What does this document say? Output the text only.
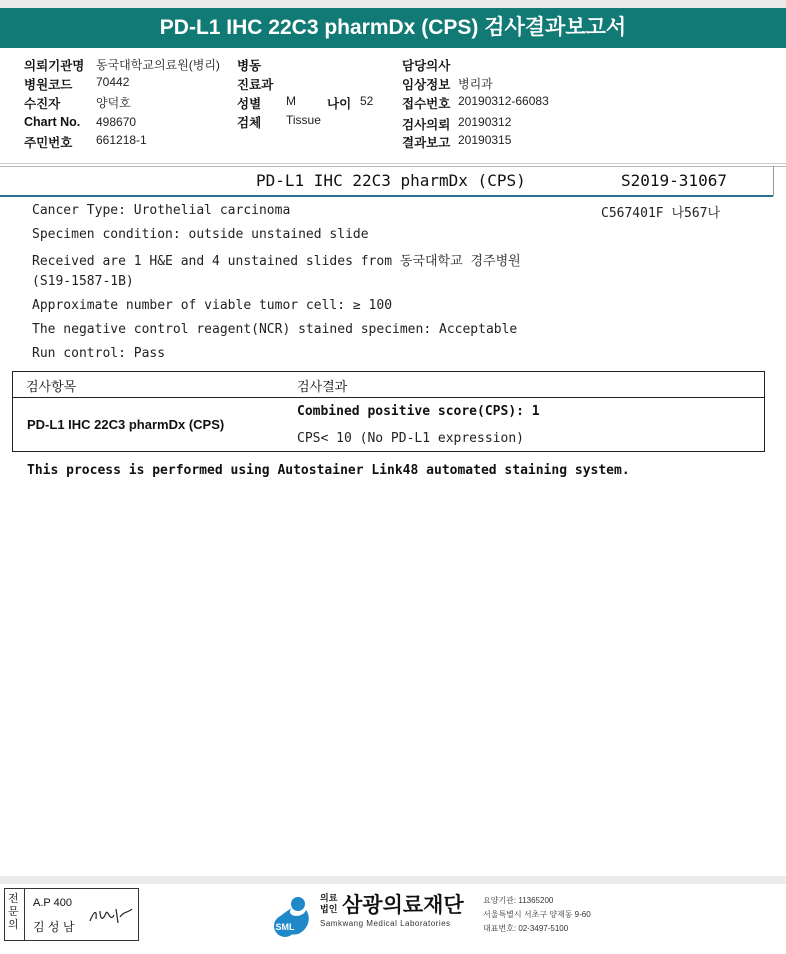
PD-L1 IHC 22C3 pharmDx (CPS) 검사결과보고서
의뢰기관명 동국대학교의료원(병리)
병원코드 70442
수진자	양덕호
Chart No. 498670
주민번호 661218-1
병동
진료과
성별 M 나이 52
검체 Tissue
담당의사
임상정보 병리과
접수번호 20190312-66083
검사의뢰 20190312
결과보고 20190315
PD-L1 IHC 22C3 pharmDx (CPS)	S2019-31067
C567401F 나567나
Cancer Type: Urothelial carcinoma
Specimen condition: outside unstained slide
Received are 1 H&E and 4 unstained slides from 동국대학교 경주병원
(S19-1587-1B)
Approximate number of viable tumor cell: ≥ 100
The negative control reagent(NCR) stained specimen: Acceptable
Run control: Pass
검사항목	검사결과
PD-L1 IHC 22C3 pharmDx (CPS)
Combined positive score(CPS): 1
CPS< 10 (No PD-L1 expression)
This process is performed using Autostainer Link48 automated staining system.
전문의
A.P 400
김 성 남	SML
의료법인 삼광의료재단
Samkwang Medical Laboratories
요양기관: 11365200
서울특별시 서초구 양재동 9-60
대표번호: 02-3497-5100
